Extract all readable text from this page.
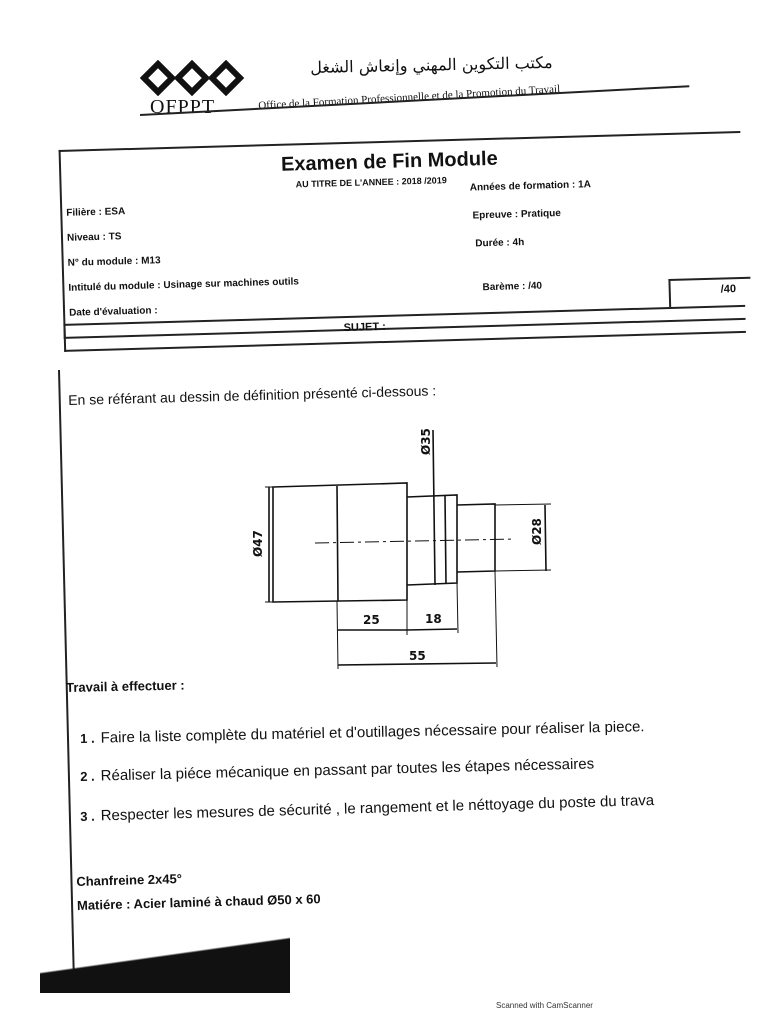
OFPPT
مكتب التكوين المهني وإنعاش الشغل
Office de la Formation Professionnelle et de la Promotion du Travail
Examen de Fin Module
AU TITRE DE L'ANNEE : 2018 /2019
Filière : ESA
Niveau : TS
N° du module : M13
Intitulé du module : Usinage sur machines outils
Date d'évaluation :
Années de formation : 1A
Epreuve : Pratique
Durée : 4h
Barème : /40	/40
SUJET :
En se référant au dessin de définition présenté ci-dessous :
Ø47
Ø35
Ø28
25	18
55
Travail à effectuer :
1 . Faire la liste complète du matériel et d'outillages nécessaire pour réaliser la piece.
2 . Réaliser la piéce mécanique en passant par toutes les étapes nécessaires
3 . Respecter les mesures de sécurité , le rangement et le néttoyage du poste du trava
Chanfreine 2x45°
Matiére : Acier laminé à chaud Ø50 x 60
Scanned with CamScanner
